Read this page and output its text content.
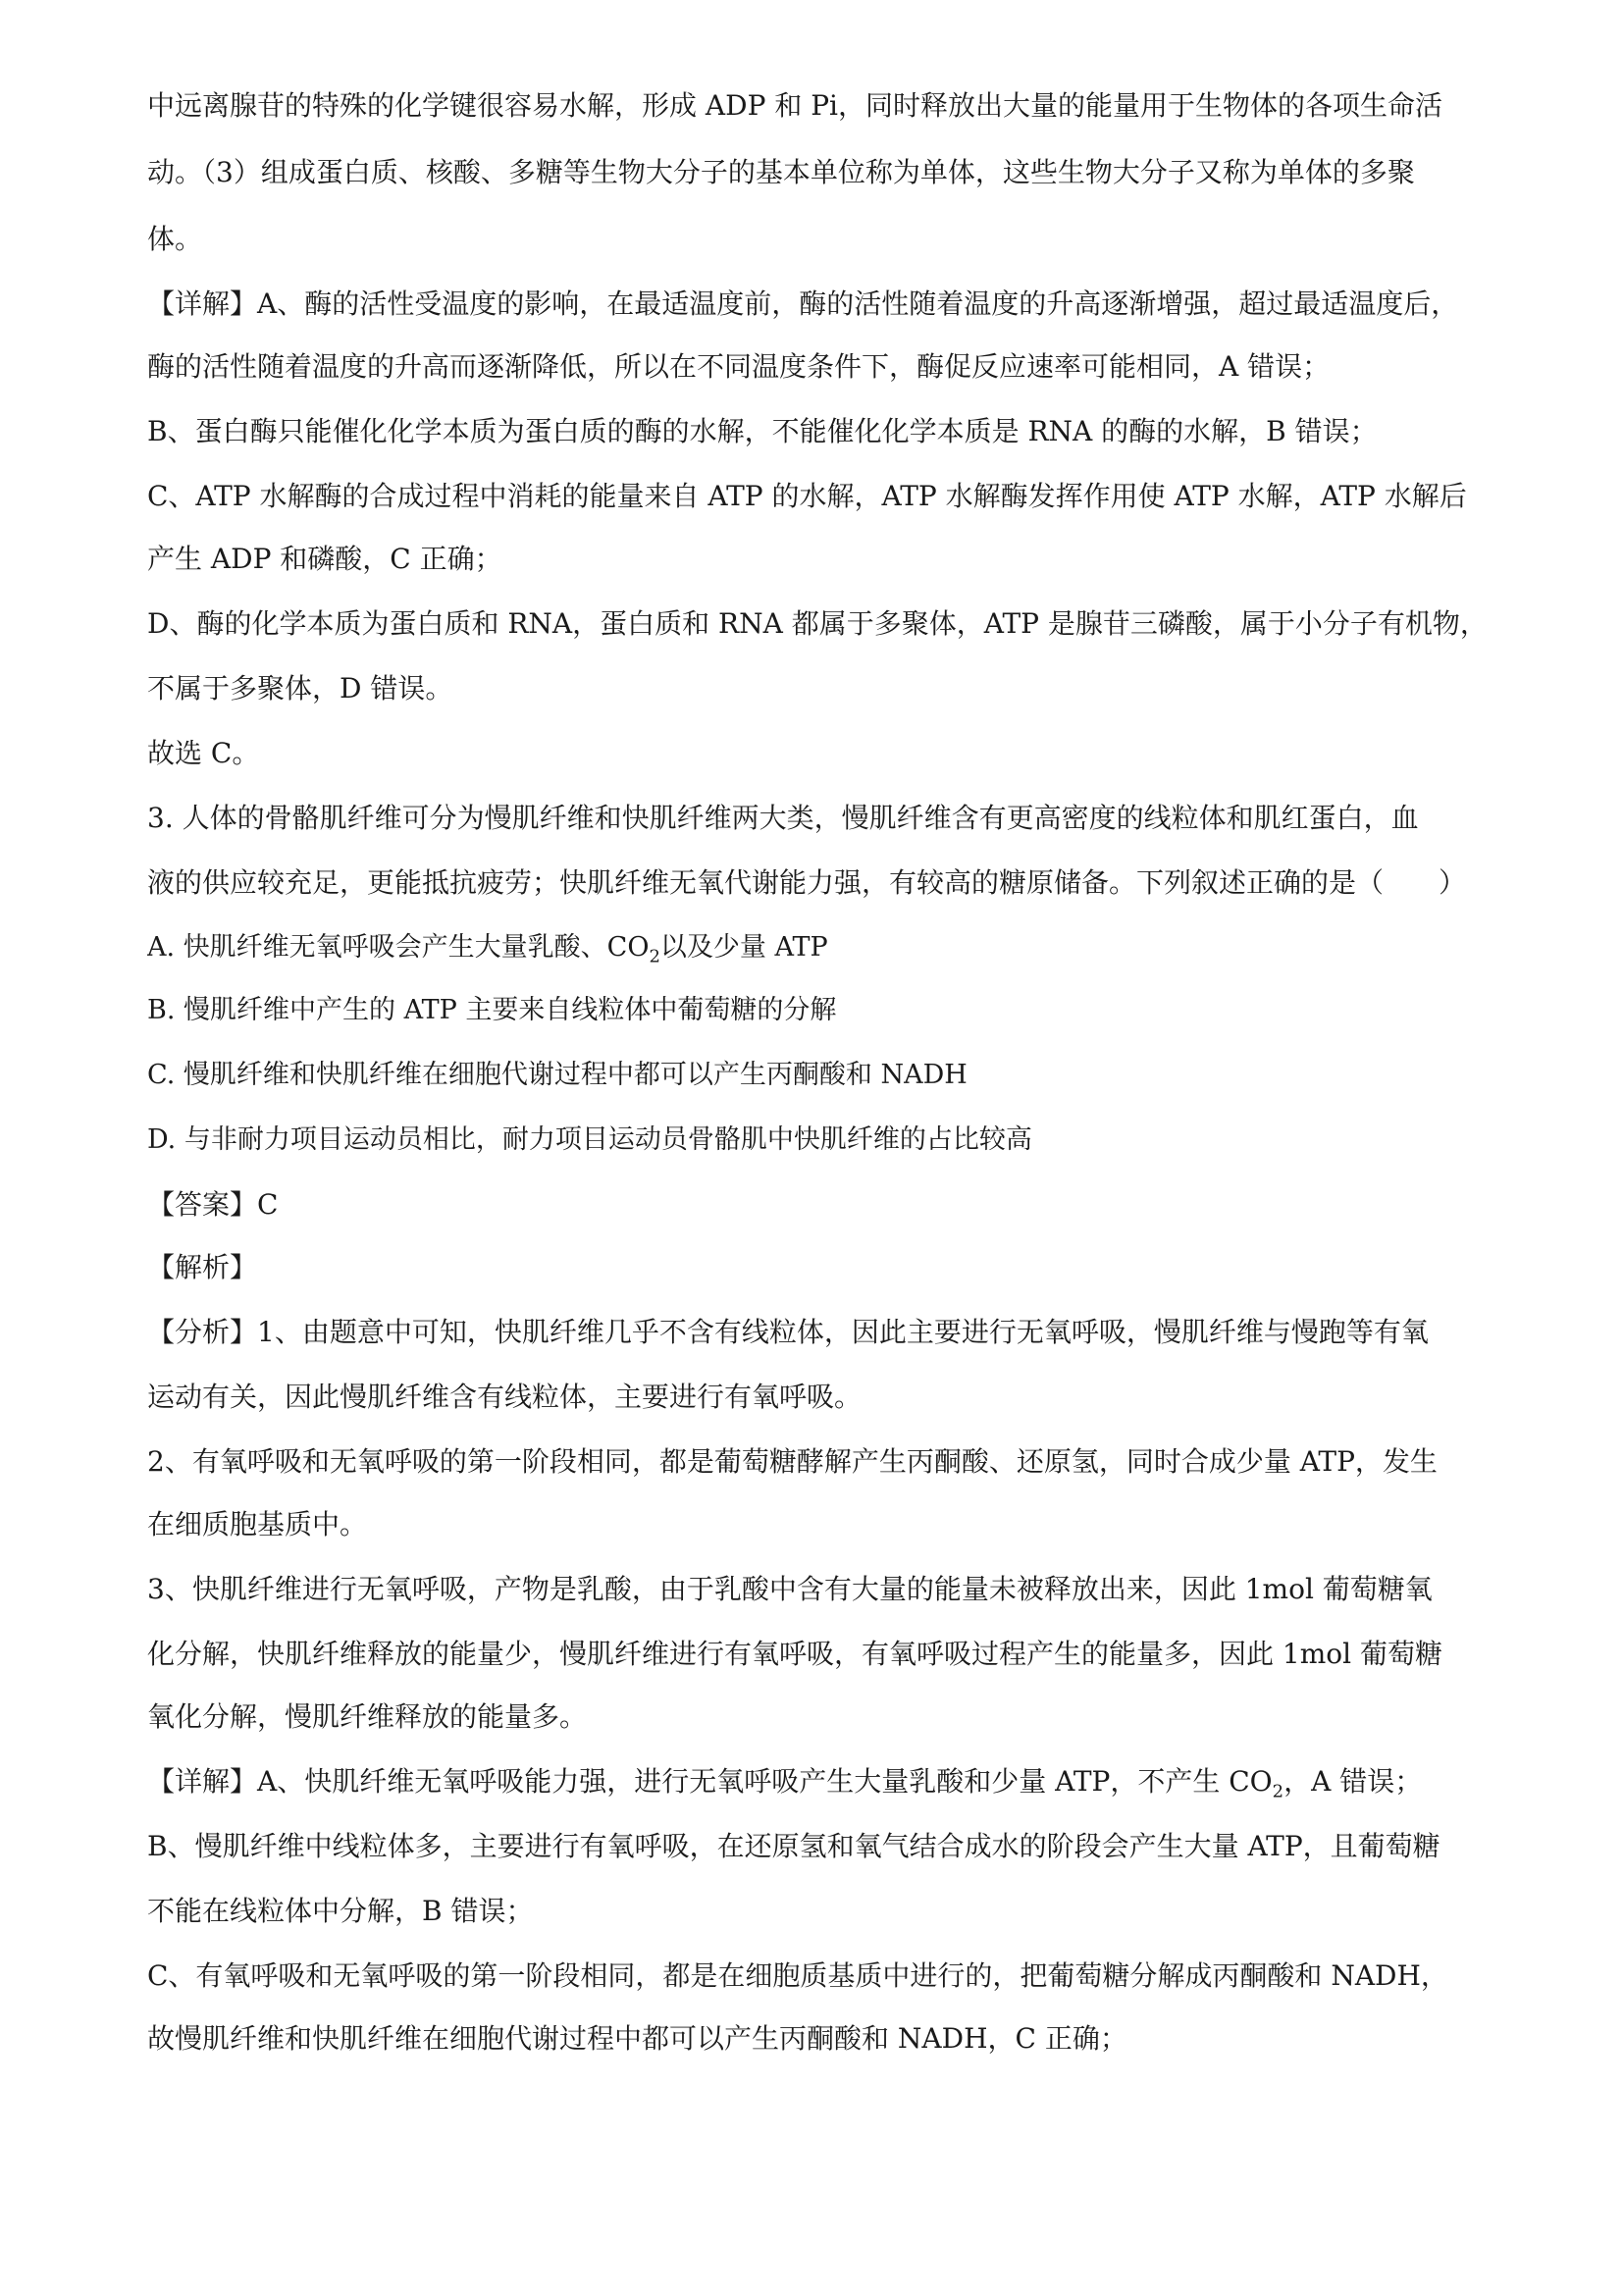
中远离腺苷的特殊的化学键很容易水解，形成 ADP 和 Pi，同时释放出大量的能量用于生物体的各项生命活

动。（3）组成蛋白质、核酸、多糖等生物大分子的基本单位称为单体，这些生物大分子又称为单体的多聚

体。

【详解】A、酶的活性受温度的影响，在最适温度前，酶的活性随着温度的升高逐渐增强，超过最适温度后，

酶的活性随着温度的升高而逐渐降低，所以在不同温度条件下，酶促反应速率可能相同，A 错误；

B、蛋白酶只能催化化学本质为蛋白质的酶的水解，不能催化化学本质是 RNA 的酶的水解，B 错误；

C、ATP 水解酶的合成过程中消耗的能量来自 ATP 的水解，ATP 水解酶发挥作用使 ATP 水解，ATP 水解后

产生 ADP 和磷酸，C 正确；

D、酶的化学本质为蛋白质和 RNA，蛋白质和 RNA 都属于多聚体，ATP 是腺苷三磷酸，属于小分子有机物，

不属于多聚体，D 错误。

故选 C。

3. 人体的骨骼肌纤维可分为慢肌纤维和快肌纤维两大类，慢肌纤维含有更高密度的线粒体和肌红蛋白，血

液的供应较充足，更能抵抗疲劳；快肌纤维无氧代谢能力强，有较高的糖原储备。下列叙述正确的是（　　）

A. 快肌纤维无氧呼吸会产生大量乳酸、$CO_2$以及少量 ATP

B. 慢肌纤维中产生的 ATP 主要来自线粒体中葡萄糖的分解

C. 慢肌纤维和快肌纤维在细胞代谢过程中都可以产生丙酮酸和 NADH

D. 与非耐力项目运动员相比，耐力项目运动员骨骼肌中快肌纤维的占比较高

【答案】C

【解析】

【分析】1、由题意中可知，快肌纤维几乎不含有线粒体，因此主要进行无氧呼吸，慢肌纤维与慢跑等有氧

运动有关，因此慢肌纤维含有线粒体，主要进行有氧呼吸。

2、有氧呼吸和无氧呼吸的第一阶段相同，都是葡萄糖酵解产生丙酮酸、还原氢，同时合成少量 ATP，发生

在细质胞基质中。

3、快肌纤维进行无氧呼吸，产物是乳酸，由于乳酸中含有大量的能量未被释放出来，因此 1mol 葡萄糖氧

化分解，快肌纤维释放的能量少，慢肌纤维进行有氧呼吸，有氧呼吸过程产生的能量多，因此 1mol 葡萄糖

氧化分解，慢肌纤维释放的能量多。

【详解】A、快肌纤维无氧呼吸能力强，进行无氧呼吸产生大量乳酸和少量 ATP，不产生 $CO_2$，A 错误；

B、慢肌纤维中线粒体多，主要进行有氧呼吸，在还原氢和氧气结合成水的阶段会产生大量 ATP，且葡萄糖

不能在线粒体中分解，B 错误；

C、有氧呼吸和无氧呼吸的第一阶段相同，都是在细胞质基质中进行的，把葡萄糖分解成丙酮酸和 NADH，

故慢肌纤维和快肌纤维在细胞代谢过程中都可以产生丙酮酸和 NADH，C 正确；
